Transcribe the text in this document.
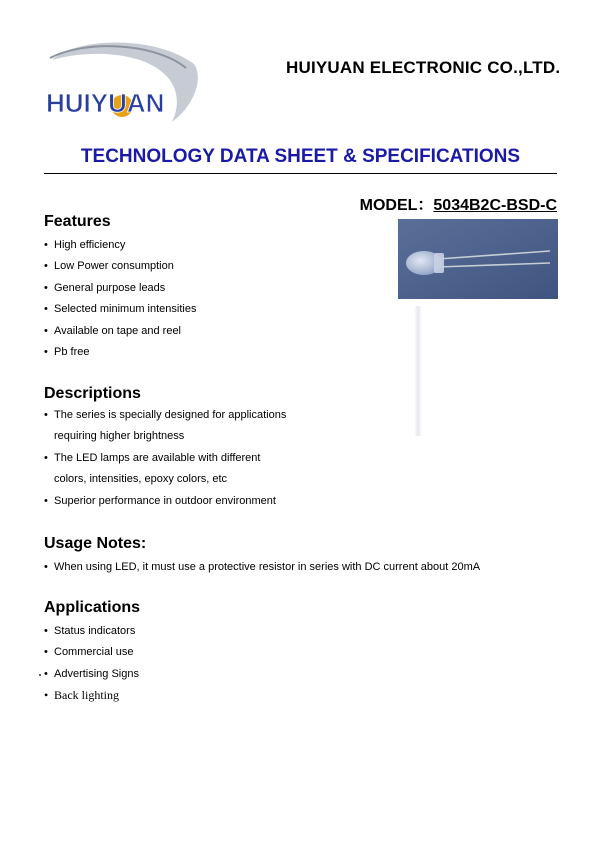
HUIYUAN
HUIYUAN ELECTRONIC CO.,LTD.
TECHNOLOGY DATA SHEET & SPECIFICATIONS
MODEL：5034B2C-BSD-C
Features
• High efficiency
• Low Power consumption
• General purpose leads
• Selected minimum intensities
• Available on tape and reel
• Pb free
Descriptions
• The series is specially designed for applications
requiring higher brightness
• The LED lamps are available with different
colors, intensities, epoxy colors, etc
• Superior performance in outdoor environment
Usage Notes:
• When using LED, it must use a protective resistor in series with DC current about 20mA
Applications
• Status indicators
• Commercial use
• Advertising Signs
• Back lighting
